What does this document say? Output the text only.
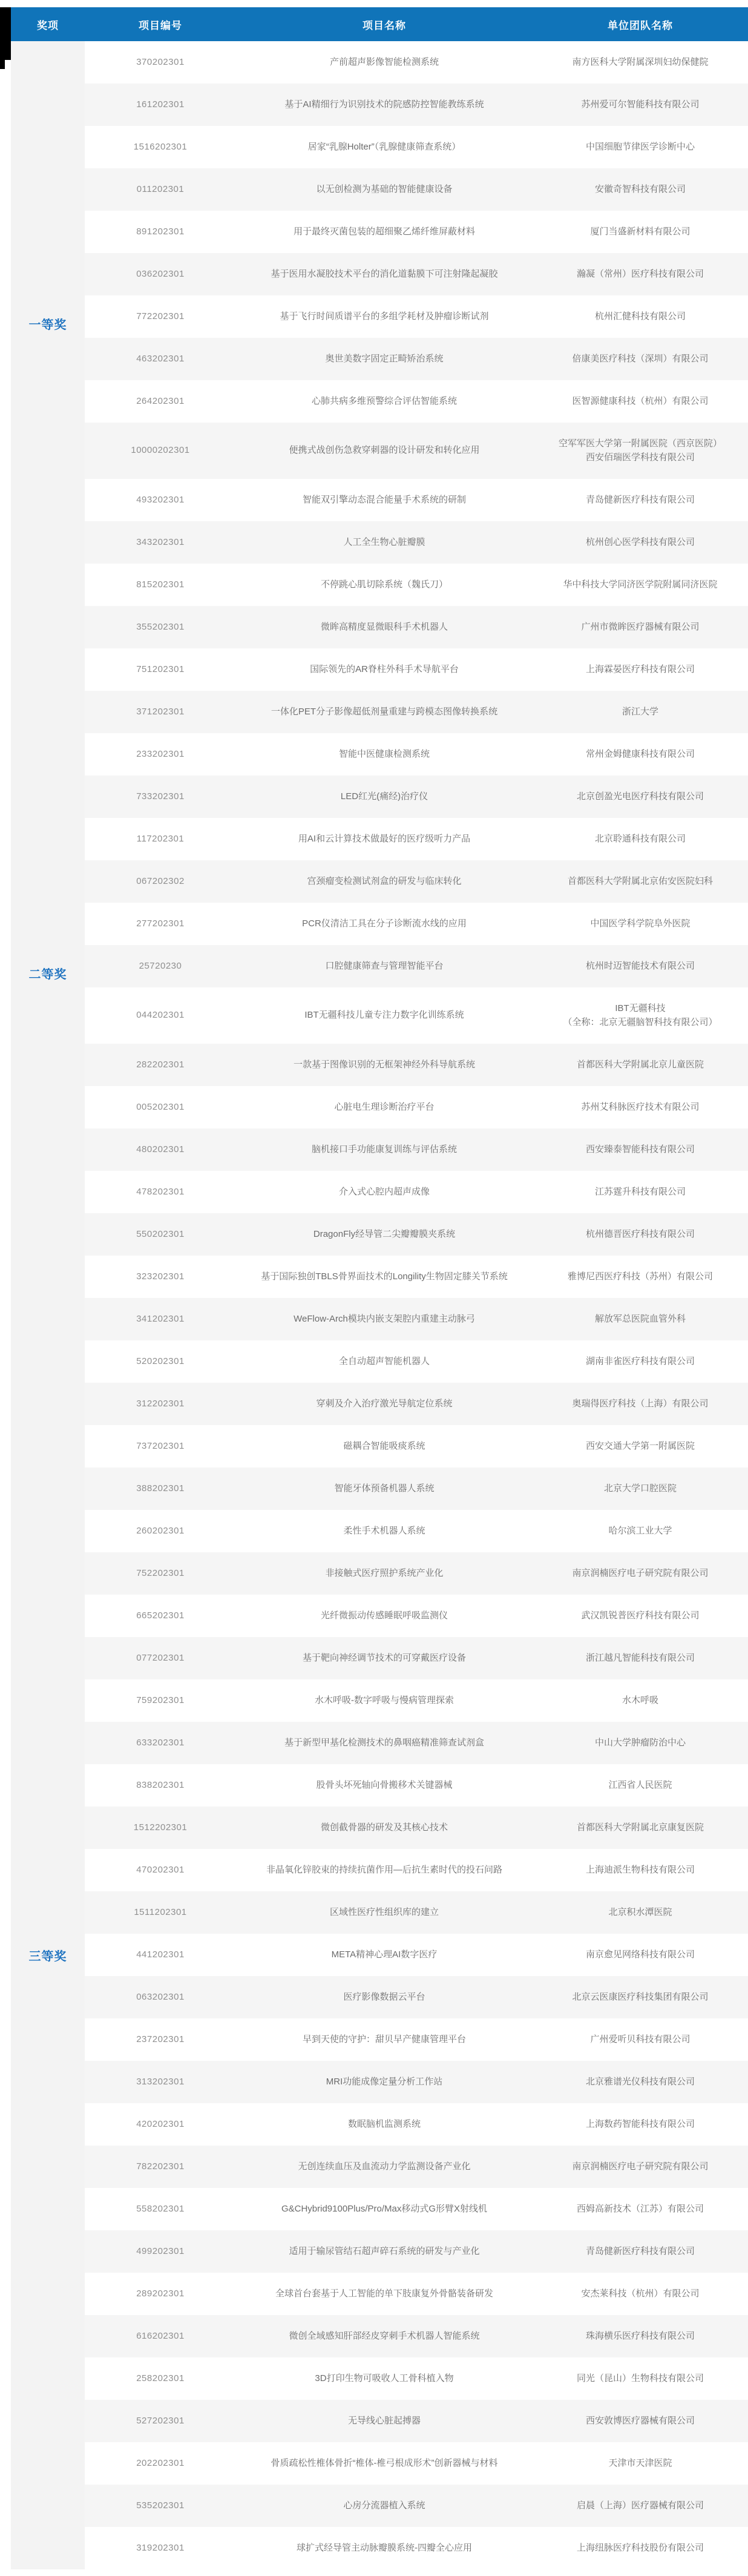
奖项	项目编号	项目名称	单位团队名称
一等奖
370202301	产前超声影像智能检测系统	南方医科大学附属深圳妇幼保健院
161202301	基于AI精细行为识别技术的院感防控智能教练系统	苏州爱可尔智能科技有限公司
1516202301	居家“乳腺Holter”（乳腺健康筛查系统）	中国细胞节律医学诊断中心
011202301	以无创检测为基础的智能健康设备	安徽奇智科技有限公司
891202301	用于最终灭菌包装的超细聚乙烯纤维屏蔽材料	厦门当盛新材料有限公司
036202301	基于医用水凝胶技术平台的消化道黏膜下可注射隆起凝胶	瀚凝（常州）医疗科技有限公司
772202301	基于飞行时间质谱平台的多组学耗材及肿瘤诊断试剂	杭州汇健科技有限公司
463202301	奥世美数字固定正畸矫治系统	倍康美医疗科技（深圳）有限公司
264202301	心肺共病多维预警综合评估智能系统	医智源健康科技（杭州）有限公司
10000202301	便携式战创伤急救穿刺器的设计研发和转化应用
空军军医大学第一附属医院（西京医院）
西安佰瑞医学科技有限公司
493202301	智能双引擎动态混合能量手术系统的研制	青岛健新医疗科技有限公司
343202301	人工全生物心脏瓣膜	杭州创心医学科技有限公司
815202301	不停跳心肌切除系统（魏氏刀）	华中科技大学同济医学院附属同济医院
二等奖
355202301	微眸高精度显微眼科手术机器人	广州市微眸医疗器械有限公司
751202301	国际领先的AR脊柱外科手术导航平台	上海霖晏医疗科技有限公司
371202301	一体化PET分子影像超低剂量重建与跨模态图像转换系统	浙江大学
233202301	智能中医健康检测系统	常州金姆健康科技有限公司
733202301	LED红光(痛经)治疗仪	北京创盈光电医疗科技有限公司
117202301	用AI和云计算技术做最好的医疗级听力产品	北京聆通科技有限公司
067202302	宫颈瘤变检测试剂盒的研发与临床转化	首都医科大学附属北京佑安医院妇科
277202301	PCR仪清洁工具在分子诊断流水线的应用	中国医学科学院阜外医院
25720230	口腔健康筛查与管理智能平台	杭州时迈智能技术有限公司
044202301	IBT无疆科技儿童专注力数字化训练系统
IBT无疆科技
（全称：北京无疆脑智科技有限公司）
282202301	一款基于图像识别的无框架神经外科导航系统	首都医科大学附属北京儿童医院
005202301	心脏电生理诊断治疗平台	苏州艾科脉医疗技术有限公司
480202301	脑机接口手功能康复训练与评估系统	西安臻泰智能科技有限公司
478202301	介入式心腔内超声成像	江苏霆升科技有限公司
550202301	DragonFly经导管二尖瓣瓣膜夹系统	杭州德晋医疗科技有限公司
323202301	基于国际独创TBLS骨界面技术的Longility生物固定膝关节系统	雅博尼西医疗科技（苏州）有限公司
341202301	WeFlow-Arch模块内嵌支架腔内重建主动脉弓	解放军总医院血管外科
三等奖
520202301	全自动超声智能机器人	湖南非雀医疗科技有限公司
312202301	穿刺及介入治疗激光导航定位系统	奥瑞得医疗科技（上海）有限公司
737202301	磁耦合智能吸痰系统	西安交通大学第一附属医院
388202301	智能牙体预备机器人系统	北京大学口腔医院
260202301	柔性手术机器人系统	哈尔滨工业大学
752202301	非接触式医疗照护系统产业化	南京润楠医疗电子研究院有限公司
665202301	光纤微振动传感睡眠呼吸监测仪	武汉凯锐普医疗科技有限公司
077202301	基于靶向神经调节技术的可穿戴医疗设备	浙江越凡智能科技有限公司
759202301	水木呼吸-数字呼吸与慢病管理探索	水木呼吸
633202301	基于新型甲基化检测技术的鼻咽癌精准筛查试剂盒	中山大学肿瘤防治中心
838202301	股骨头坏死轴向骨搬移术关键器械	江西省人民医院
1512202301	微创截骨器的研发及其核心技术	首都医科大学附属北京康复医院
470202301	非晶氧化锌胶束的持续抗菌作用—后抗生素时代的投石问路	上海迪派生物科技有限公司
1511202301	区域性医疗性组织库的建立	北京积水潭医院
441202301	META精神心理AI数字医疗	南京愈见网络科技有限公司
063202301	医疗影像数据云平台	北京云医康医疗科技集团有限公司
237202301	早到天使的守护：甜贝早产健康管理平台	广州爱听贝科技有限公司
313202301	MRI功能成像定量分析工作站	北京雅谱光仪科技有限公司
420202301	数眠脑机监测系统	上海数药智能科技有限公司
782202301	无创连续血压及血流动力学监测设备产业化	南京润楠医疗电子研究院有限公司
558202301	G&CHybrid9100Plus/Pro/Max移动式G形臂X射线机	西姆高新技术（江苏）有限公司
499202301	适用于输尿管结石超声碎石系统的研发与产业化	青岛健新医疗科技有限公司
289202301	全球首台套基于人工智能的单下肢康复外骨骼装备研发	安杰莱科技（杭州）有限公司
616202301	微创全域感知肝部经皮穿刺手术机器人智能系统	珠海横乐医疗科技有限公司
258202301	3D打印生物可吸收人工骨科植入物	同光（昆山）生物科技有限公司
527202301	无导线心脏起搏器	西安敦博医疗器械有限公司
202202301	骨质疏松性椎体骨折“椎体-椎弓根成形术”创新器械与材料	天津市天津医院
535202301	心房分流器植入系统	启晨（上海）医疗器械有限公司
319202301	球扩式经导管主动脉瓣膜系统-四瓣全心应用	上海纽脉医疗科技股份有限公司
